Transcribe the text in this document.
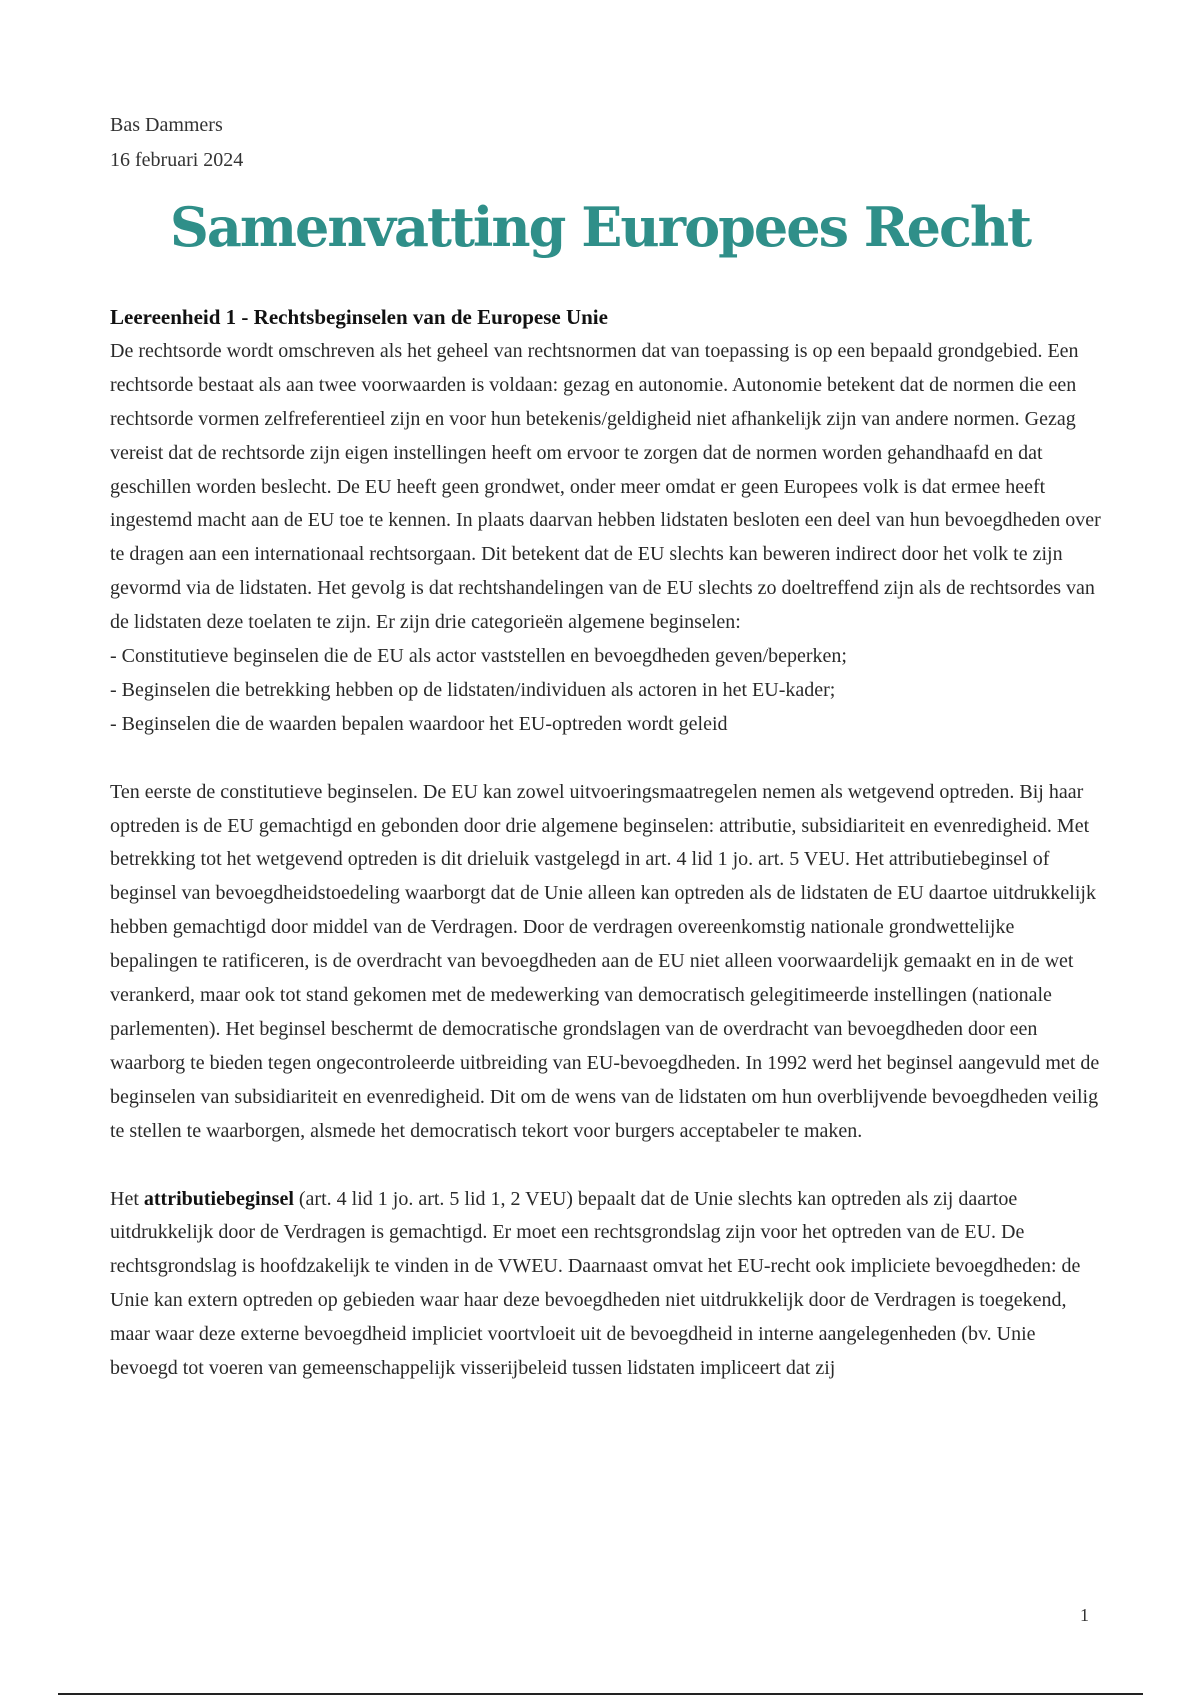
Bas Dammers
16 februari 2024
Samenvatting Europees Recht
Leereenheid 1 - Rechtsbeginselen van de Europese Unie

De rechtsorde wordt omschreven als het geheel van rechtsnormen dat van toepassing is op een bepaald grondgebied. Een rechtsorde bestaat als aan twee voorwaarden is voldaan: gezag en autonomie. Autonomie betekent dat de normen die een rechtsorde vormen zelfreferentieel zijn en voor hun betekenis/geldigheid niet afhankelijk zijn van andere normen. Gezag vereist dat de rechtsorde zijn eigen instellingen heeft om ervoor te zorgen dat de normen worden gehandhaafd en dat geschillen worden beslecht. De EU heeft geen grondwet, onder meer omdat er geen Europees volk is dat ermee heeft ingestemd macht aan de EU toe te kennen. In plaats daarvan hebben lidstaten besloten een deel van hun bevoegdheden over te dragen aan een internationaal rechtsorgaan. Dit betekent dat de EU slechts kan beweren indirect door het volk te zijn gevormd via de lidstaten. Het gevolg is dat rechtshandelingen van de EU slechts zo doeltreffend zijn als de rechtsordes van de lidstaten deze toelaten te zijn. Er zijn drie categorieën algemene beginselen:

- Constitutieve beginselen die de EU als actor vaststellen en bevoegdheden geven/beperken;

- Beginselen die betrekking hebben op de lidstaten/individuen als actoren in het EU-kader;

- Beginselen die de waarden bepalen waardoor het EU-optreden wordt geleid

Ten eerste de constitutieve beginselen. De EU kan zowel uitvoeringsmaatregelen nemen als wetgevend optreden. Bij haar optreden is de EU gemachtigd en gebonden door drie algemene beginselen: attributie, subsidiariteit en evenredigheid. Met betrekking tot het wetgevend optreden is dit drieluik vastgelegd in art. 4 lid 1 jo. art. 5 VEU. Het attributiebeginsel of beginsel van bevoegdheidstoedeling waarborgt dat de Unie alleen kan optreden als de lidstaten de EU daartoe uitdrukkelijk hebben gemachtigd door middel van de Verdragen. Door de verdragen overeenkomstig nationale grondwettelijke bepalingen te ratificeren, is de overdracht van bevoegdheden aan de EU niet alleen voorwaardelijk gemaakt en in de wet verankerd, maar ook tot stand gekomen met de medewerking van democratisch gelegitimeerde instellingen (nationale parlementen). Het beginsel beschermt de democratische grondslagen van de overdracht van bevoegdheden door een waarborg te bieden tegen ongecontroleerde uitbreiding van EU-bevoegdheden. In 1992 werd het beginsel aangevuld met de beginselen van subsidiariteit en evenredigheid. Dit om de wens van de lidstaten om hun overblijvende bevoegdheden veilig te stellen te waarborgen, alsmede het democratisch tekort voor burgers acceptabeler te maken.

Het attributiebeginsel (art. 4 lid 1 jo. art. 5 lid 1, 2 VEU) bepaalt dat de Unie slechts kan optreden als zij daartoe uitdrukkelijk door de Verdragen is gemachtigd. Er moet een rechtsgrondslag zijn voor het optreden van de EU. De rechtsgrondslag is hoofdzakelijk te vinden in de VWEU. Daarnaast omvat het EU-recht ook impliciete bevoegdheden: de Unie kan extern optreden op gebieden waar haar deze bevoegdheden niet uitdrukkelijk door de Verdragen is toegekend, maar waar deze externe bevoegdheid impliciet voortvloeit uit de bevoegdheid in interne aangelegenheden (bv. Unie bevoegd tot voeren van gemeenschappelijk visserijbeleid tussen lidstaten impliceert dat zij

1
